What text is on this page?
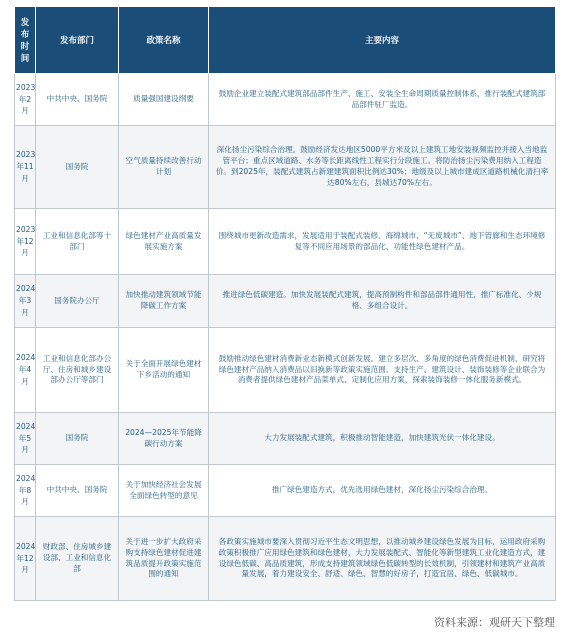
发布时间	发布部门	政策名称	主要内容
2023年2月	中共中央、国务院	质量强国建设纲要	鼓励企业建立装配式建筑部品部件生产、施工、安装全生命周期质量控制体系，推行装配式建筑部品部件驻厂监造。
2023年11月	国务院	空气质量持续改善行动计划	深化扬尘污染综合治理。鼓励经济发达地区5000平方米及以上建筑工地安装视频监控并接入当地监管平台；重点区域道路、水务等长距离线性工程实行分段施工。将防治扬尘污染费用纳入工程造价。到2025年，装配式建筑占新建建筑面积比例达30%；地级及以上城市建成区道路机械化清扫率达80%左右，县城达70%左右。
2023年12月	工业和信息化部等十部门	绿色建材产业高质量发展实施方案	围绕城市更新改造需求，发展适用于装配式装修、海绵城市、“无废城市”、地下管廊和生态环境修复等不同应用场景的部品化、功能性绿色建材产品。
2024年3月	国务院办公厅	加快推动建筑领域节能降碳工作方案	推进绿色低碳建造。加快发展装配式建筑，提高预制构件和部品部件通用性，推广标准化、少规格、多组合设计。
2024年4月	工业和信息化部办公厅、住房和城乡建设部办公厅等部门	关于全面开展绿色建材下乡活动的通知	鼓励推动绿色建材消费新业态新模式创新发展。建立多层次、多角度的绿色消费促进机制，研究将绿色建材产品纳入消费品以旧换新等政策实施范围。支持生产、建筑设计、装饰装修等企业联合为消费者提供绿色建材产品菜单式、定制化应用方案，探索装饰装修一体化服务新模式。
2024年5月	国务院	2024—2025年节能降碳行动方案	大力发展装配式建筑，积极推动智能建造，加快建筑光伏一体化建设。
2024年8月	中共中央、国务院	关于加快经济社会发展全面绿色转型的意见	推广绿色建造方式，优先选用绿色建材，深化扬尘污染综合治理。
2024年12月	财政部、住房城乡建设部、工业和信息化部	关于进一步扩大政府采购支持绿色建材促进建筑品质提升政策实施范围的通知	各政策实施城市要深入贯彻习近平生态文明思想，以推动城乡建设绿色发展为目标，运用政府采购政策积极推广应用绿色建筑和绿色建材，大力发展装配式、智能化等新型建筑工业化建造方式，建设绿色低碳、高品质建筑，形成支持建筑领域绿色低碳转型的长效机制，引领建材和建筑产业高质量发展，着力建设安全、舒适、绿色、智慧的好房子，打造宜居、绿色、低碳城市。
资料来源：观研天下整理
